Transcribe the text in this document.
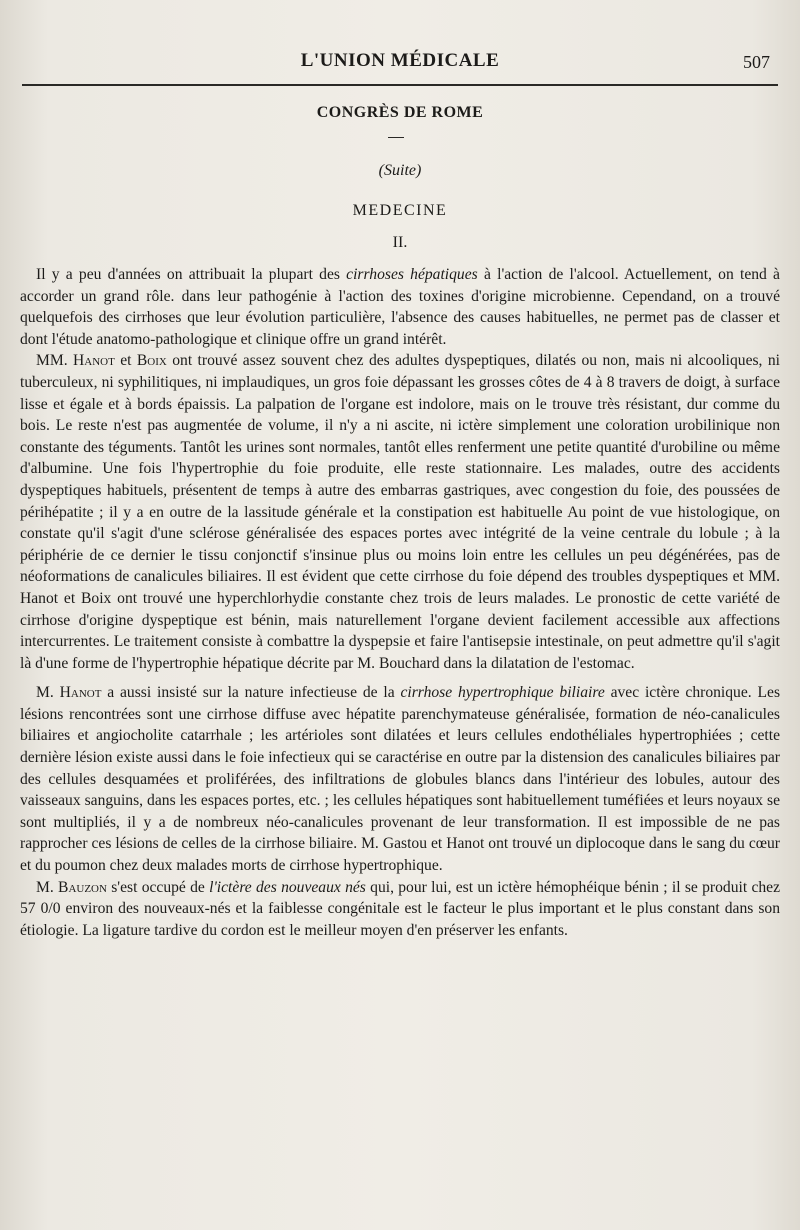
L'UNION MÉDICALE	507
CONGRÈS DE ROME
(Suite)
MEDECINE
II.

Il y a peu d'années on attribuait la plupart des cirrhoses hépatiques à l'action de l'alcool. Actuellement, on tend à accorder un grand rôle. dans leur pathogénie à l'action des toxines d'origine microbienne. Cependand, on a trouvé quelquefois des cirrhoses que leur évolution particulière, l'absence des causes habituelles, ne permet pas de classer et dont l'étude anatomo-pathologique et clinique offre un grand intérêt.

MM. Hanot et Boix ont trouvé assez souvent chez des adultes dyspeptiques, dilatés ou non, mais ni alcooliques, ni tuberculeux, ni syphilitiques, ni implaudiques, un gros foie dépassant les grosses côtes de 4 à 8 travers de doigt, à surface lisse et égale et à bords épaissis. La palpation de l'organe est indolore, mais on le trouve très résistant, dur comme du bois. Le reste n'est pas augmentée de volume, il n'y a ni ascite, ni ictère simplement une coloration urobilinique non constante des téguments. Tantôt les urines sont normales, tantôt elles renferment une petite quantité d'urobiline ou même d'albumine. Une fois l'hypertrophie du foie produite, elle reste stationnaire. Les malades, outre des accidents dyspeptiques habituels, présentent de temps à autre des embarras gastriques, avec congestion du foie, des poussées de périhépatite ; il y a en outre de la lassitude générale et la constipation est habituelle Au point de vue histologique, on constate qu'il s'agit d'une sclérose généralisée des espaces portes avec intégrité de la veine centrale du lobule ; à la périphérie de ce dernier le tissu conjonctif s'insinue plus ou moins loin entre les cellules un peu dégénérées, pas de néoformations de canalicules biliaires. Il est évident que cette cirrhose du foie dépend des troubles dyspeptiques et MM. Hanot et Boix ont trouvé une hyperchlorhydie constante chez trois de leurs malades. Le pronostic de cette variété de cirrhose d'origine dyspeptique est bénin, mais naturellement l'organe devient facilement accessible aux affections intercurrentes. Le traitement consiste à combattre la dyspepsie et faire l'antisepsie intestinale, on peut admettre qu'il s'agit là d'une forme de l'hypertrophie hépatique décrite par M. Bouchard dans la dilatation de l'estomac.

M. Hanot a aussi insisté sur la nature infectieuse de la cirrhose hypertrophique biliaire avec ictère chronique. Les lésions rencontrées sont une cirrhose diffuse avec hépatite parenchymateuse généralisée, formation de néo-canalicules biliaires et angiocholite catarrhale ; les artérioles sont dilatées et leurs cellules endothéliales hypertrophiées ; cette dernière lésion existe aussi dans le foie infectieux qui se caractérise en outre par la distension des canalicules biliaires par des cellules desquamées et proliférées, des infiltrations de globules blancs dans l'intérieur des lobules, autour des vaisseaux sanguins, dans les espaces portes, etc. ; les cellules hépatiques sont habituellement tuméfiées et leurs noyaux se sont multipliés, il y a de nombreux néo-canalicules provenant de leur transformation. Il est impossible de ne pas rapprocher ces lésions de celles de la cirrhose biliaire. M. Gastou et Hanot ont trouvé un diplocoque dans le sang du cœur et du poumon chez deux malades morts de cirrhose hypertrophique.

M. Bauzon s'est occupé de l'ictère des nouveaux nés qui, pour lui, est un ictère hémophéique bénin ; il se produit chez 57 0/0 environ des nouveaux-nés et la faiblesse congénitale est le facteur le plus important et le plus constant dans son étiologie. La ligature tardive du cordon est le meilleur moyen d'en préserver les enfants.
